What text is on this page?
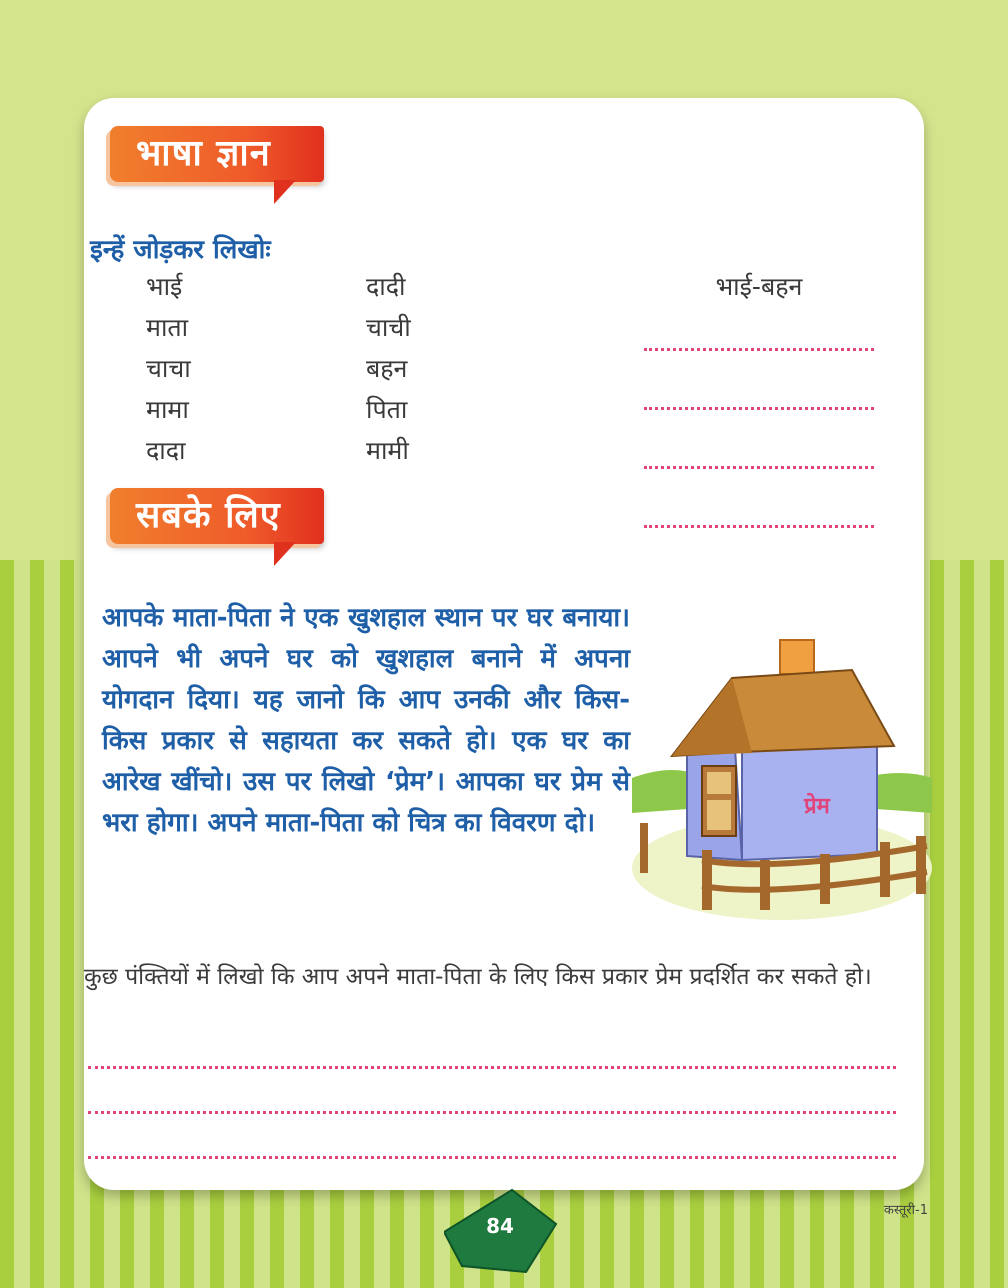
भाषा ज्ञान
इन्हें जोड़कर लिखोः
भाई
माता
चाचा
मामा
दादा
दादी
चाची
बहन
पिता
मामी
भाई-बहन
सबके लिए
आपके माता-पिता ने एक खुशहाल स्थान पर घर बनाया। आपने भी अपने घर को खुशहाल बनाने में अपना योगदान दिया। यह जानो कि आप उनकी और किस-किस प्रकार से सहायता कर सकते हो। एक घर का आरेख खींचो। उस पर लिखो ‘प्रेम’। आपका घर प्रेम से भरा होगा। अपने माता-पिता को चित्र का विवरण दो।
प्रेम
कुछ पंक्तियों में लिखो कि आप अपने माता-पिता के लिए किस प्रकार प्रेम प्रदर्शित कर सकते हो।
84
कस्तूरी-1
